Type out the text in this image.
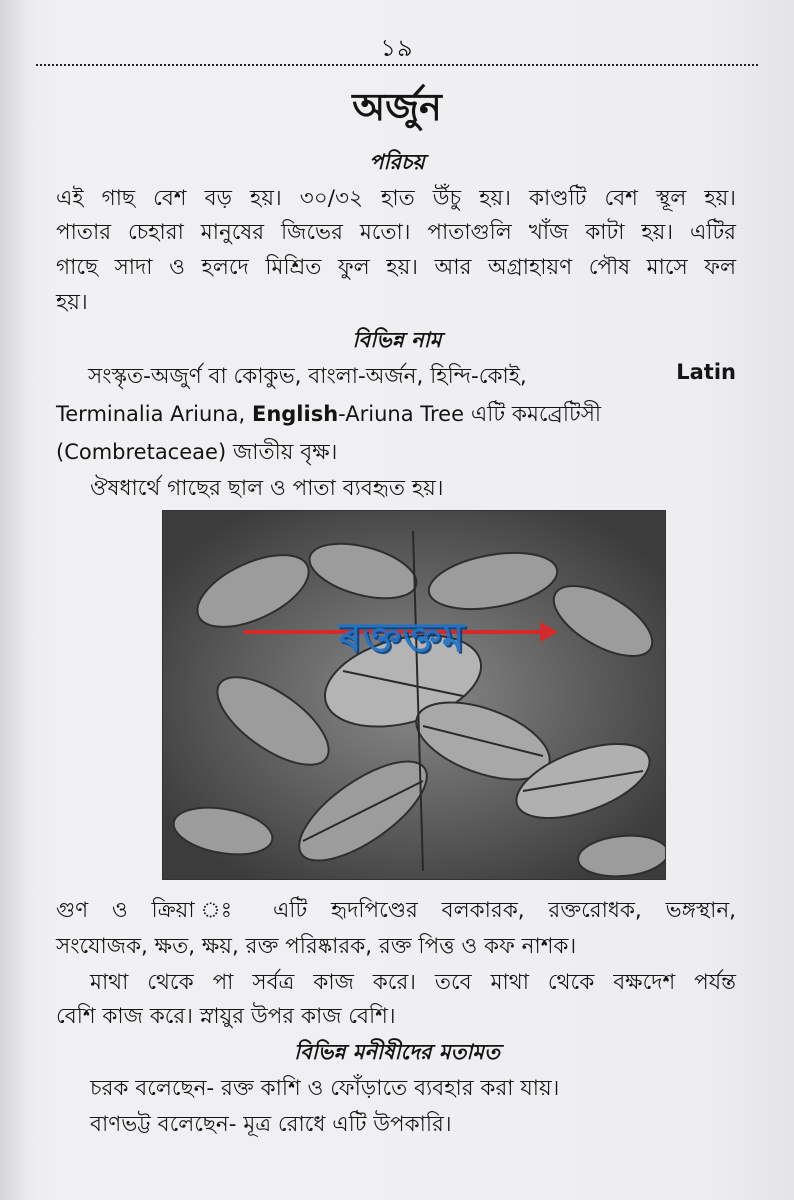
১৯
অর্জুন
পরিচয়
এই গাছ বেশ বড় হয়। ৩০/৩২ হাত উঁচু হয়। কাণ্ডটি বেশ স্থূল হয়।
পাতার চেহারা মানুষের জিভের মতো। পাতাগুলি খাঁজ কাটা হয়। এটির
গাছে সাদা ও হলদে মিশ্রিত ফুল হয়। আর অগ্রাহায়ণ পৌষ মাসে ফল
হয়।
বিভিন্ন নাম
সংস্কৃত-অজুর্ণ বা কোকুভ, বাংলা-অর্জন, হিন্দি-কোই,	Latin
Terminalia Ariuna, English-Ariuna Tree এটি কমব্রেটিসী
(Combretaceae) জাতীয় বৃক্ষ।
ঔষধার্থে গাছের ছাল ও পাতা ব্যবহৃত হয়।
ৰক্তক্তম
গুণ ও ক্রিয়া ঃ এটি হৃদপিণ্ডের বলকারক, রক্তরোধক, ভঙ্গস্থান,
সংযোজক, ক্ষত, ক্ষয়, রক্ত পরিষ্কারক, রক্ত পিত্ত ও কফ নাশক।
মাথা থেকে পা সর্বত্র কাজ করে। তবে মাথা থেকে বক্ষদেশ পর্যন্ত
বেশি কাজ করে। স্নায়ুর উপর কাজ বেশি।
বিভিন্ন মনীষীদের মতামত
চরক বলেছেন- রক্ত কাশি ও ফোঁড়াতে ব্যবহার করা যায়।
বাণভট্ট বলেছেন- মূত্র রোধে এটি উপকারি।
